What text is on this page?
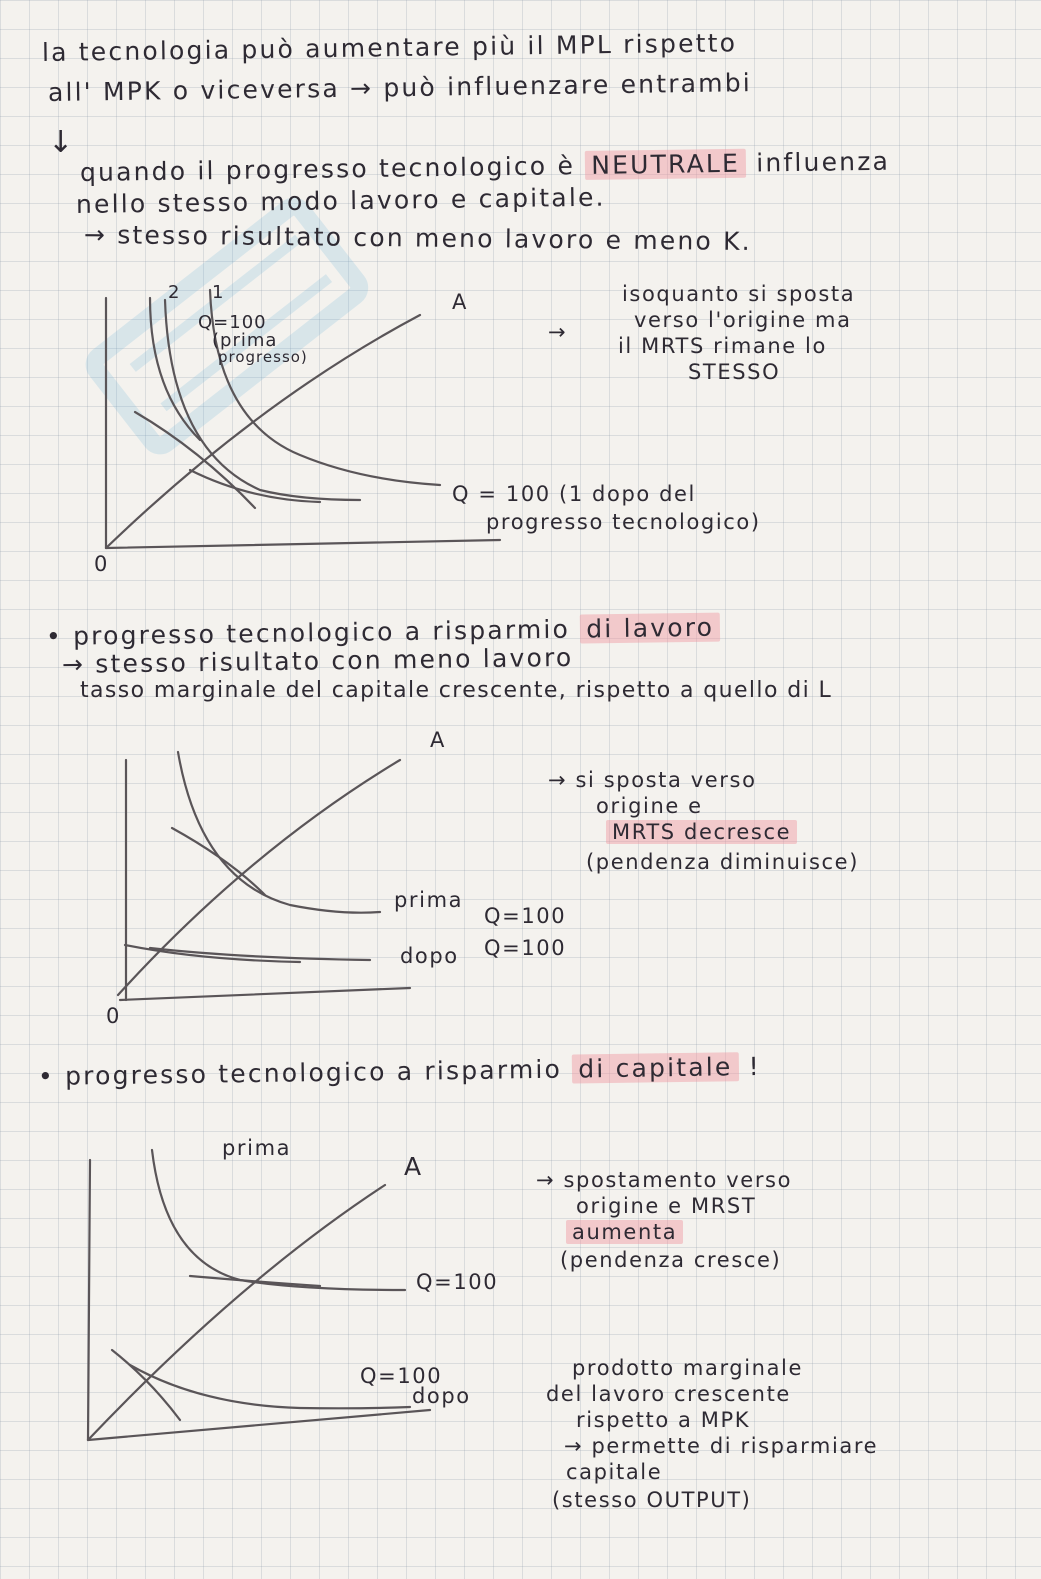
la tecnologia può aumentare più il MPL rispetto
all' MPK o viceversa → può influenzare entrambi
↓
quando il progresso tecnologico è NEUTRALE influenza
nello stesso modo lavoro e capitale.
→ stesso risultato con meno lavoro e meno K.
2 1
Q=100
(prima
progresso)
A
0
Q = 100 (1 dopo del
progresso tecnologico)
→
isoquanto si sposta
verso l'origine ma
il MRTS rimane lo
STESSO
• progresso tecnologico a risparmio di lavoro
→ stesso risultato con meno lavoro
tasso marginale del capitale crescente, rispetto a quello di L
A
prima
Q=100
dopo Q=100
0
→ si sposta verso
origine e
MRTS decresce
(pendenza diminuisce)
• progresso tecnologico a risparmio di capitale !
prima
A
Q=100
Q=100
dopo
→ spostamento verso
origine e MRST
aumenta
(pendenza cresce)
prodotto marginale
del lavoro crescente
rispetto a MPK
→ permette di risparmiare
capitale
(stesso OUTPUT)
